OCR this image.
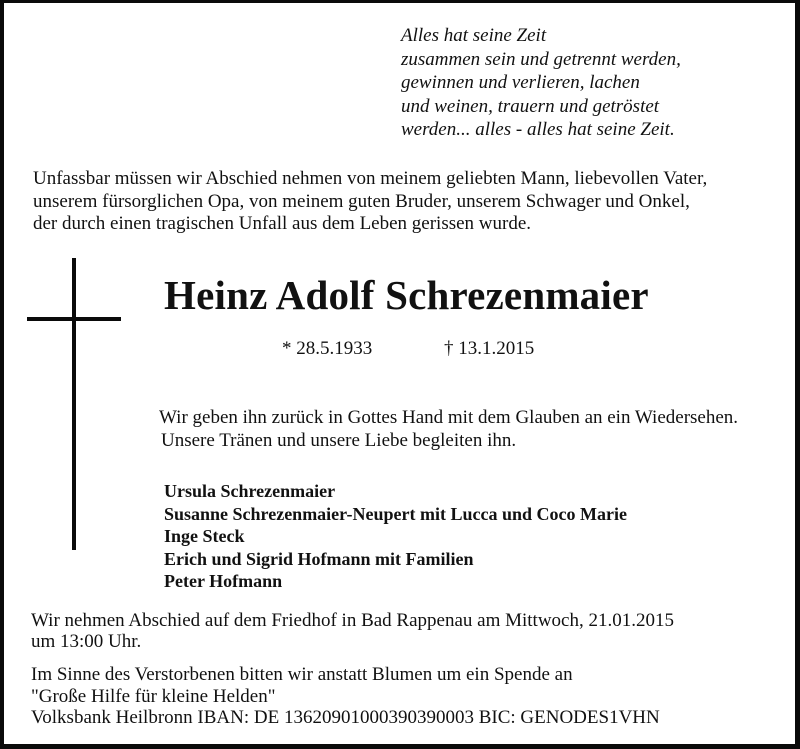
Alles hat seine Zeit
zusammen sein und getrennt werden,
gewinnen und verlieren, lachen
und weinen, trauern und getröstet
werden... alles - alles hat seine Zeit.
Unfassbar müssen wir Abschied nehmen von meinem geliebten Mann, liebevollen Vater,
unserem fürsorglichen Opa, von meinem guten Bruder, unserem Schwager und Onkel,
der durch einen tragischen Unfall aus dem Leben gerissen wurde.
Heinz Adolf Schrezenmaier
* 28.5.1933	† 13.1.2015
Wir geben ihn zurück in Gottes Hand mit dem Glauben an ein Wiedersehen.
Unsere Tränen und unsere Liebe begleiten ihn.
Ursula Schrezenmaier
Susanne Schrezenmaier-Neupert mit Lucca und Coco Marie
Inge Steck
Erich und Sigrid Hofmann mit Familien
Peter Hofmann
Wir nehmen Abschied auf dem Friedhof in Bad Rappenau am Mittwoch, 21.01.2015
um 13:00 Uhr.
Im Sinne des Verstorbenen bitten wir anstatt Blumen um ein Spende an
"Große Hilfe für kleine Helden"
Volksbank Heilbronn IBAN: DE 13620901000390390003 BIC: GENODES1VHN
